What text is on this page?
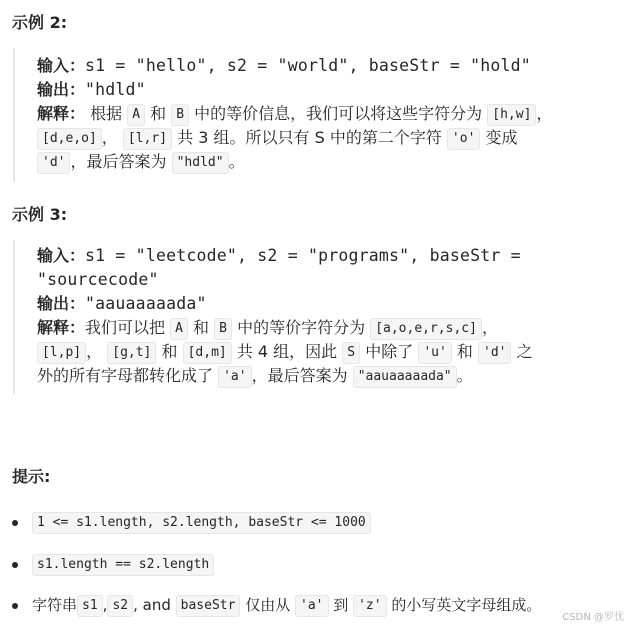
示例 2:
输入：s1 = "hello", s2 = "world", baseStr = "hold"
输出："hdld"
解释： 根据 A 和 B 中的等价信息，我们可以将这些字符分为 [h,w] ，
[d,e,o] ， [l,r] 共 3 组。所以只有 S 中的第二个字符 'o' 变成
'd' ，最后答案为 "hdld" 。
示例 3:
输入：s1 = "leetcode", s2 = "programs", baseStr =
"sourcecode"
输出："aauaaaaada"
解释：我们可以把 A 和 B 中的等价字符分为 [a,o,e,r,s,c] ，
[l,p] ， [g,t] 和 [d,m] 共 4 组，因此 S 中除了 'u' 和 'd' 之
外的所有字母都转化成了 'a' ，最后答案为 "aauaaaaada" 。
提示:
1 <= s1.length, s2.length, baseStr <= 1000
s1.length == s2.length
字符串 s1 , s2 , and baseStr 仅由从 'a' 到 'z' 的小写英文字母组成。
CSDN @罗忧
